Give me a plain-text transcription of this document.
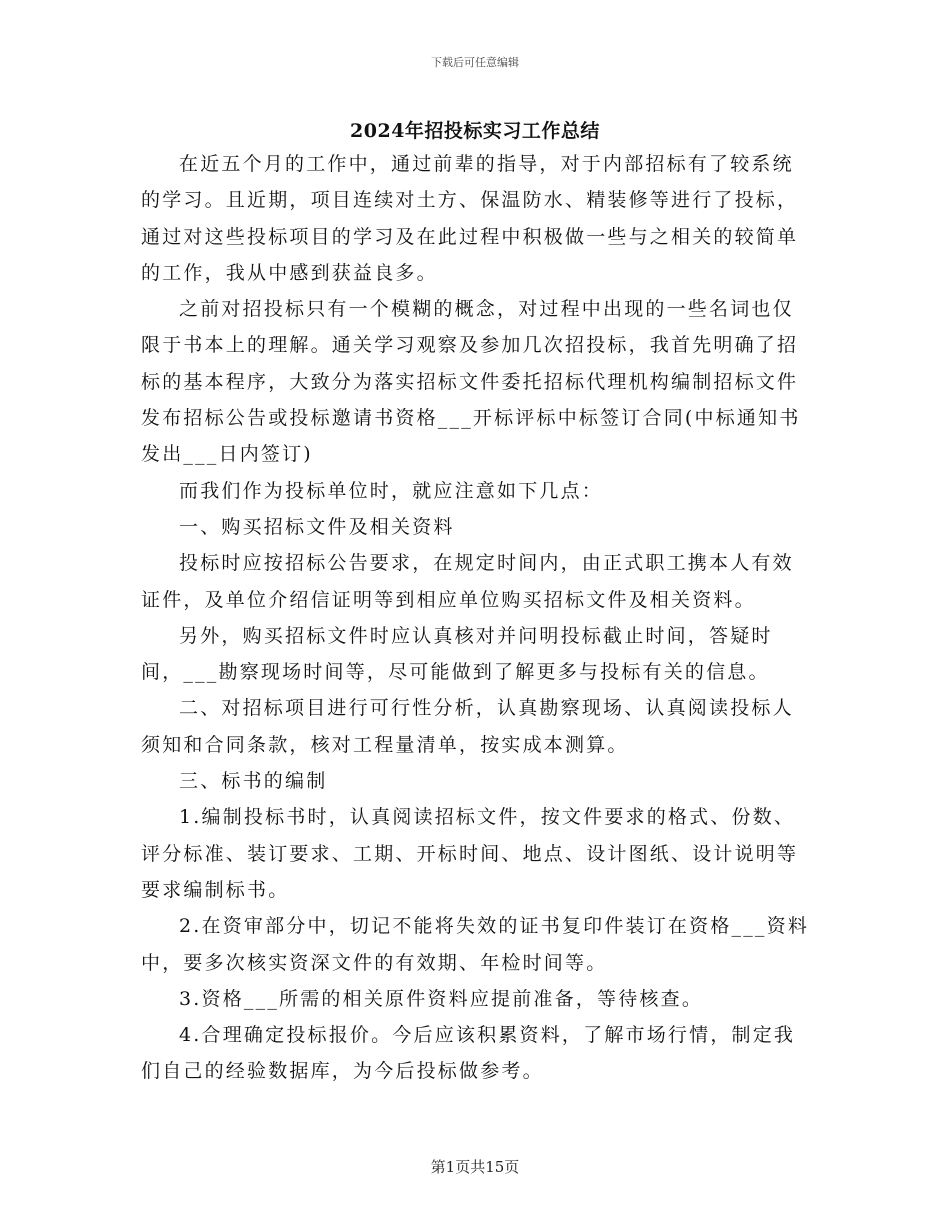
下载后可任意编辑
2024年招投标实习工作总结

在近五个月的工作中，通过前辈的指导，对于内部招标有了较系统的学习。且近期，项目连续对土方、保温防水、精装修等进行了投标，通过对这些投标项目的学习及在此过程中积极做一些与之相关的较简单的工作，我从中感到获益良多。

之前对招投标只有一个模糊的概念，对过程中出现的一些名词也仅限于书本上的理解。通关学习观察及参加几次招投标，我首先明确了招标的基本程序，大致分为落实招标文件委托招标代理机构编制招标文件发布招标公告或投标邀请书资格___开标评标中标签订合同(中标通知书发出___日内签订)

而我们作为投标单位时，就应注意如下几点：

一、购买招标文件及相关资料

投标时应按招标公告要求，在规定时间内，由正式职工携本人有效证件，及单位介绍信证明等到相应单位购买招标文件及相关资料。

另外，购买招标文件时应认真核对并问明投标截止时间，答疑时间，___勘察现场时间等，尽可能做到了解更多与投标有关的信息。

二、对招标项目进行可行性分析，认真勘察现场、认真阅读投标人须知和合同条款，核对工程量清单，按实成本测算。

三、标书的编制

1.编制投标书时，认真阅读招标文件，按文件要求的格式、份数、评分标准、装订要求、工期、开标时间、地点、设计图纸、设计说明等要求编制标书。

2.在资审部分中，切记不能将失效的证书复印件装订在资格___资料中，要多次核实资深文件的有效期、年检时间等。

3.资格___所需的相关原件资料应提前准备，等待核查。

4.合理确定投标报价。今后应该积累资料，了解市场行情，制定我们自己的经验数据库，为今后投标做参考。

第1页共15页
